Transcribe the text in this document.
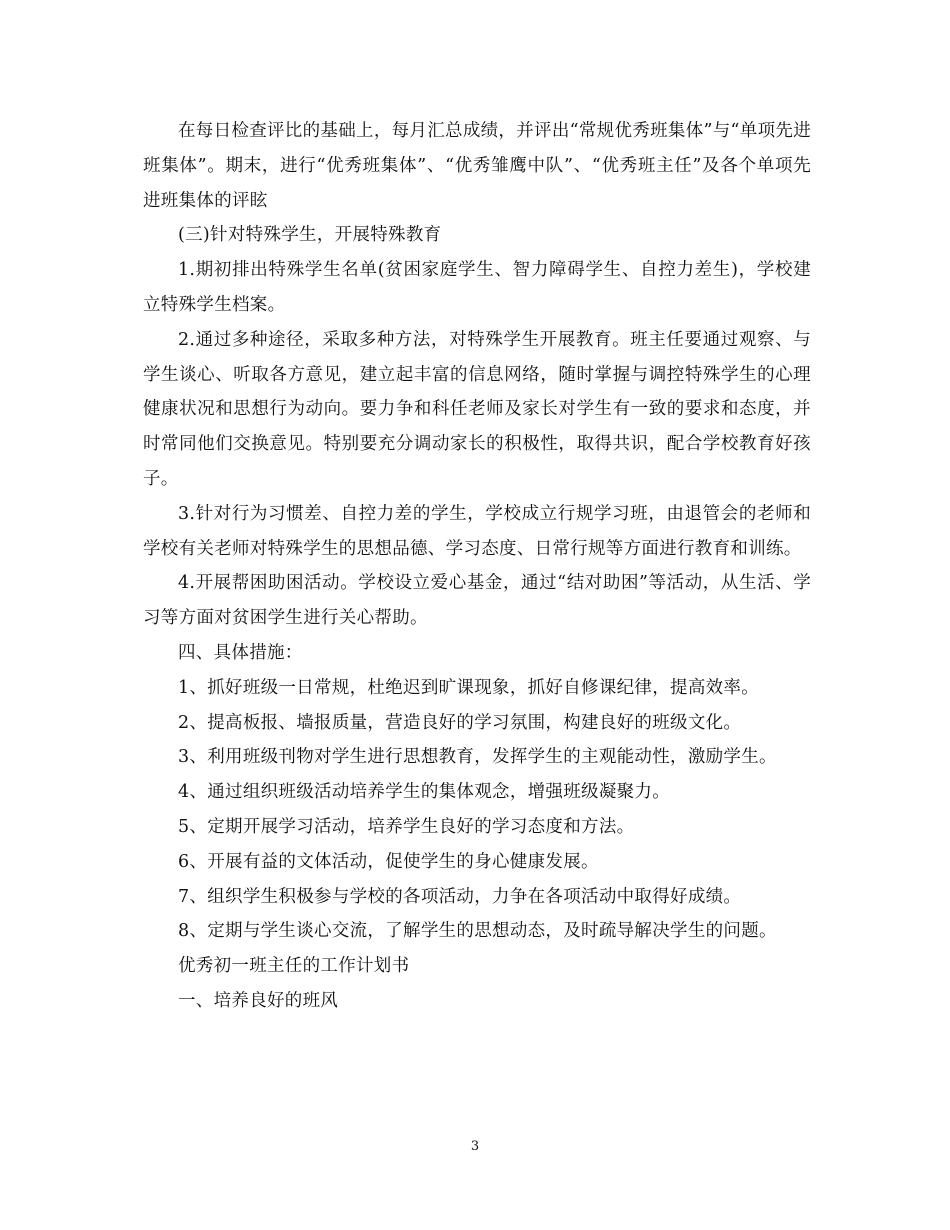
在每日检查评比的基础上，每月汇总成绩，并评出“常规优秀班集体”与“单项先进班集体”。期末，进行“优秀班集体”、“优秀雏鹰中队”、“优秀班主任”及各个单项先进班集体的评眩

(三)针对特殊学生，开展特殊教育

1.期初排出特殊学生名单(贫困家庭学生、智力障碍学生、自控力差生)，学校建立特殊学生档案。

2.通过多种途径，采取多种方法，对特殊学生开展教育。班主任要通过观察、与学生谈心、听取各方意见，建立起丰富的信息网络，随时掌握与调控特殊学生的心理健康状况和思想行为动向。要力争和科任老师及家长对学生有一致的要求和态度，并时常同他们交换意见。特别要充分调动家长的积极性，取得共识，配合学校教育好孩子。

3.针对行为习惯差、自控力差的学生，学校成立行规学习班，由退管会的老师和学校有关老师对特殊学生的思想品德、学习态度、日常行规等方面进行教育和训练。

4.开展帮困助困活动。学校设立爱心基金，通过“结对助困”等活动，从生活、学习等方面对贫困学生进行关心帮助。

四、具体措施：

1、抓好班级一日常规，杜绝迟到旷课现象，抓好自修课纪律，提高效率。

2、提高板报、墙报质量，营造良好的学习氛围，构建良好的班级文化。

3、利用班级刊物对学生进行思想教育，发挥学生的主观能动性，激励学生。

4、通过组织班级活动培养学生的集体观念，增强班级凝聚力。

5、定期开展学习活动，培养学生良好的学习态度和方法。

6、开展有益的文体活动，促使学生的身心健康发展。

7、组织学生积极参与学校的各项活动，力争在各项活动中取得好成绩。

8、定期与学生谈心交流，了解学生的思想动态，及时疏导解决学生的问题。

优秀初一班主任的工作计划书

一、培养良好的班风

3
